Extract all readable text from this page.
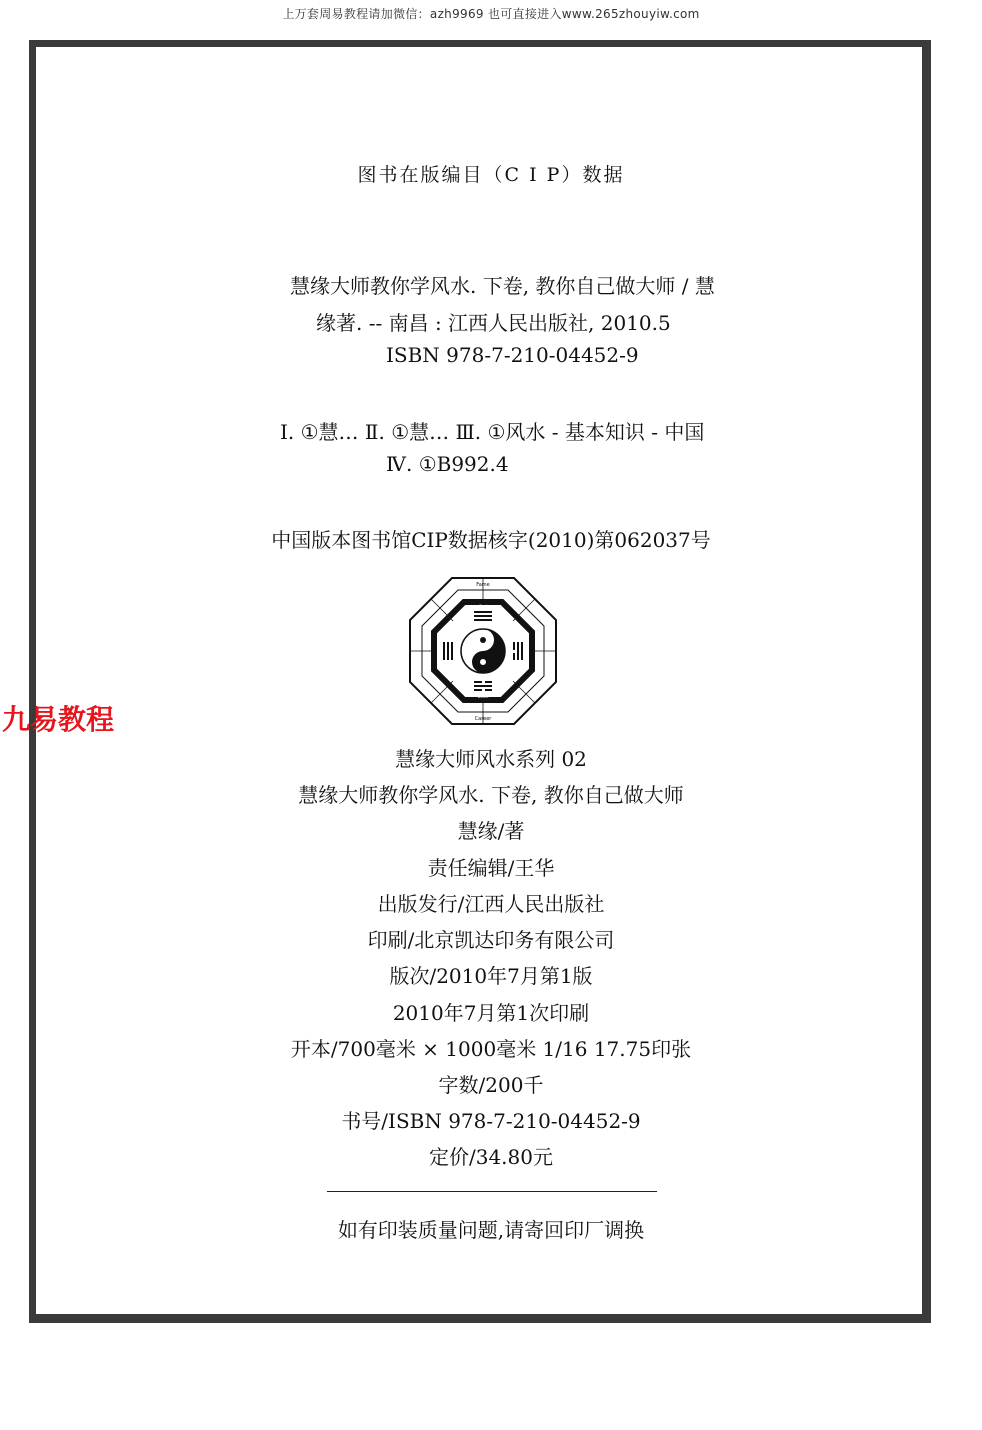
上万套周易教程请加微信：azh9969 也可直接进入www.265zhouyiw.com
图书在版编目（C I P）数据
慧缘大师教你学风水. 下卷, 教你自己做大师 / 慧
缘著. -- 南昌 : 江西人民出版社, 2010.5
ISBN 978-7-210-04452-9
Ⅰ. ①慧… Ⅱ. ①慧… Ⅲ. ①风水 - 基本知识 - 中国
Ⅳ. ①B992.4
中国版本图书馆CIP数据核字(2010)第062037号
Fame
Red
Black
Career
九易教程
慧缘大师风水系列 02
慧缘大师教你学风水. 下卷, 教你自己做大师
慧缘/著
责任编辑/王华
出版发行/江西人民出版社
印刷/北京凯达印务有限公司
版次/2010年7月第1版
2010年7月第1次印刷
开本/700毫米 × 1000毫米 1/16 17.75印张
字数/200千
书号/ISBN 978-7-210-04452-9
定价/34.80元
如有印装质量问题,请寄回印厂调换
